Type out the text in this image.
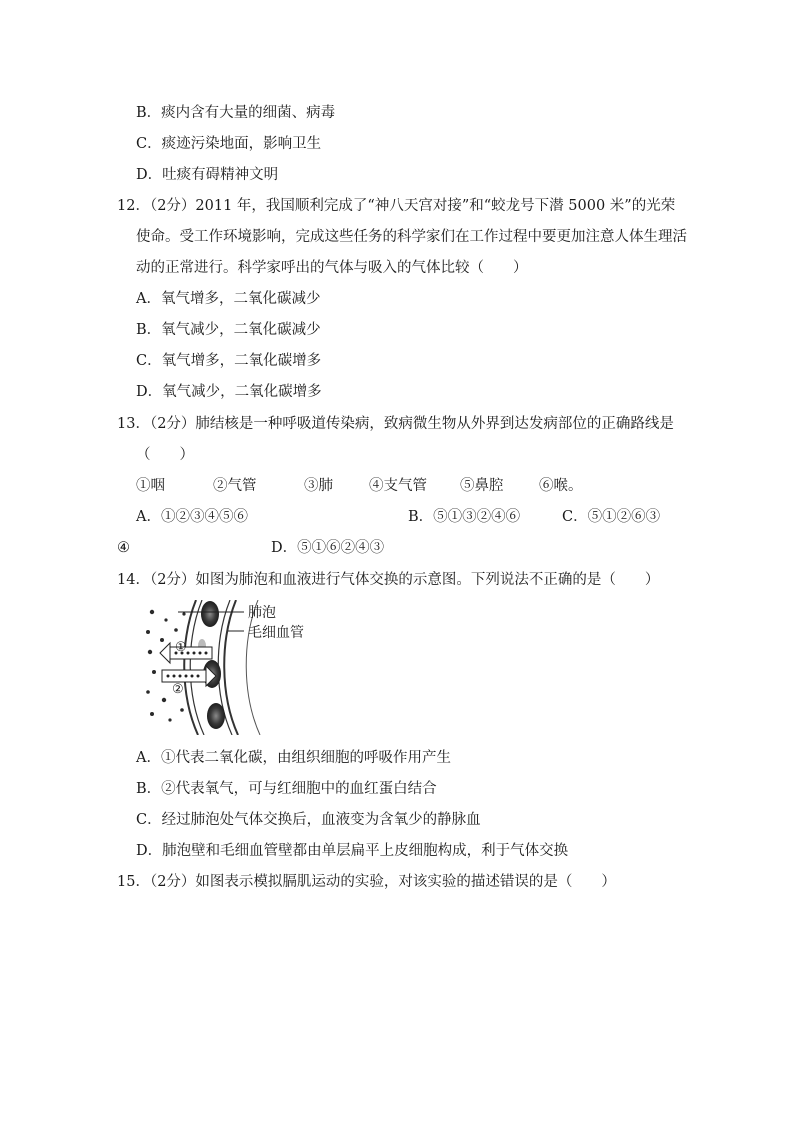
B．痰内含有大量的细菌、病毒
C．痰迹污染地面，影响卫生
D．吐痰有碍精神文明
12．（2分）2011 年，我国顺利完成了“神八天宫对接”和“蛟龙号下潜 5000 米”的光荣
使命。受工作环境影响，完成这些任务的科学家们在工作过程中要更加注意人体生理活
动的正常进行。科学家呼出的气体与吸入的气体比较（　　）
A．氧气增多，二氧化碳减少
B．氧气减少，二氧化碳减少
C．氧气增多，二氧化碳增多
D．氧气减少，二氧化碳增多
13．（2分）肺结核是一种呼吸道传染病，致病微生物从外界到达发病部位的正确路线是
（　　）
①咽	②气管	③肺 ④支气管 ⑤鼻腔 ⑥喉。
A．①②③④⑤⑥	B．⑤①③②④⑥	C．⑤①②⑥③
④	D．⑤①⑥②④③
14．（2分）如图为肺泡和血液进行气体交换的示意图。下列说法不正确的是（　　）
①
②
肺泡
毛细血管
A．①代表二氧化碳，由组织细胞的呼吸作用产生
B．②代表氧气，可与红细胞中的血红蛋白结合
C．经过肺泡处气体交换后，血液变为含氧少的静脉血
D．肺泡壁和毛细血管壁都由单层扁平上皮细胞构成，利于气体交换
15．（2分）如图表示模拟膈肌运动的实验，对该实验的描述错误的是（　　）
